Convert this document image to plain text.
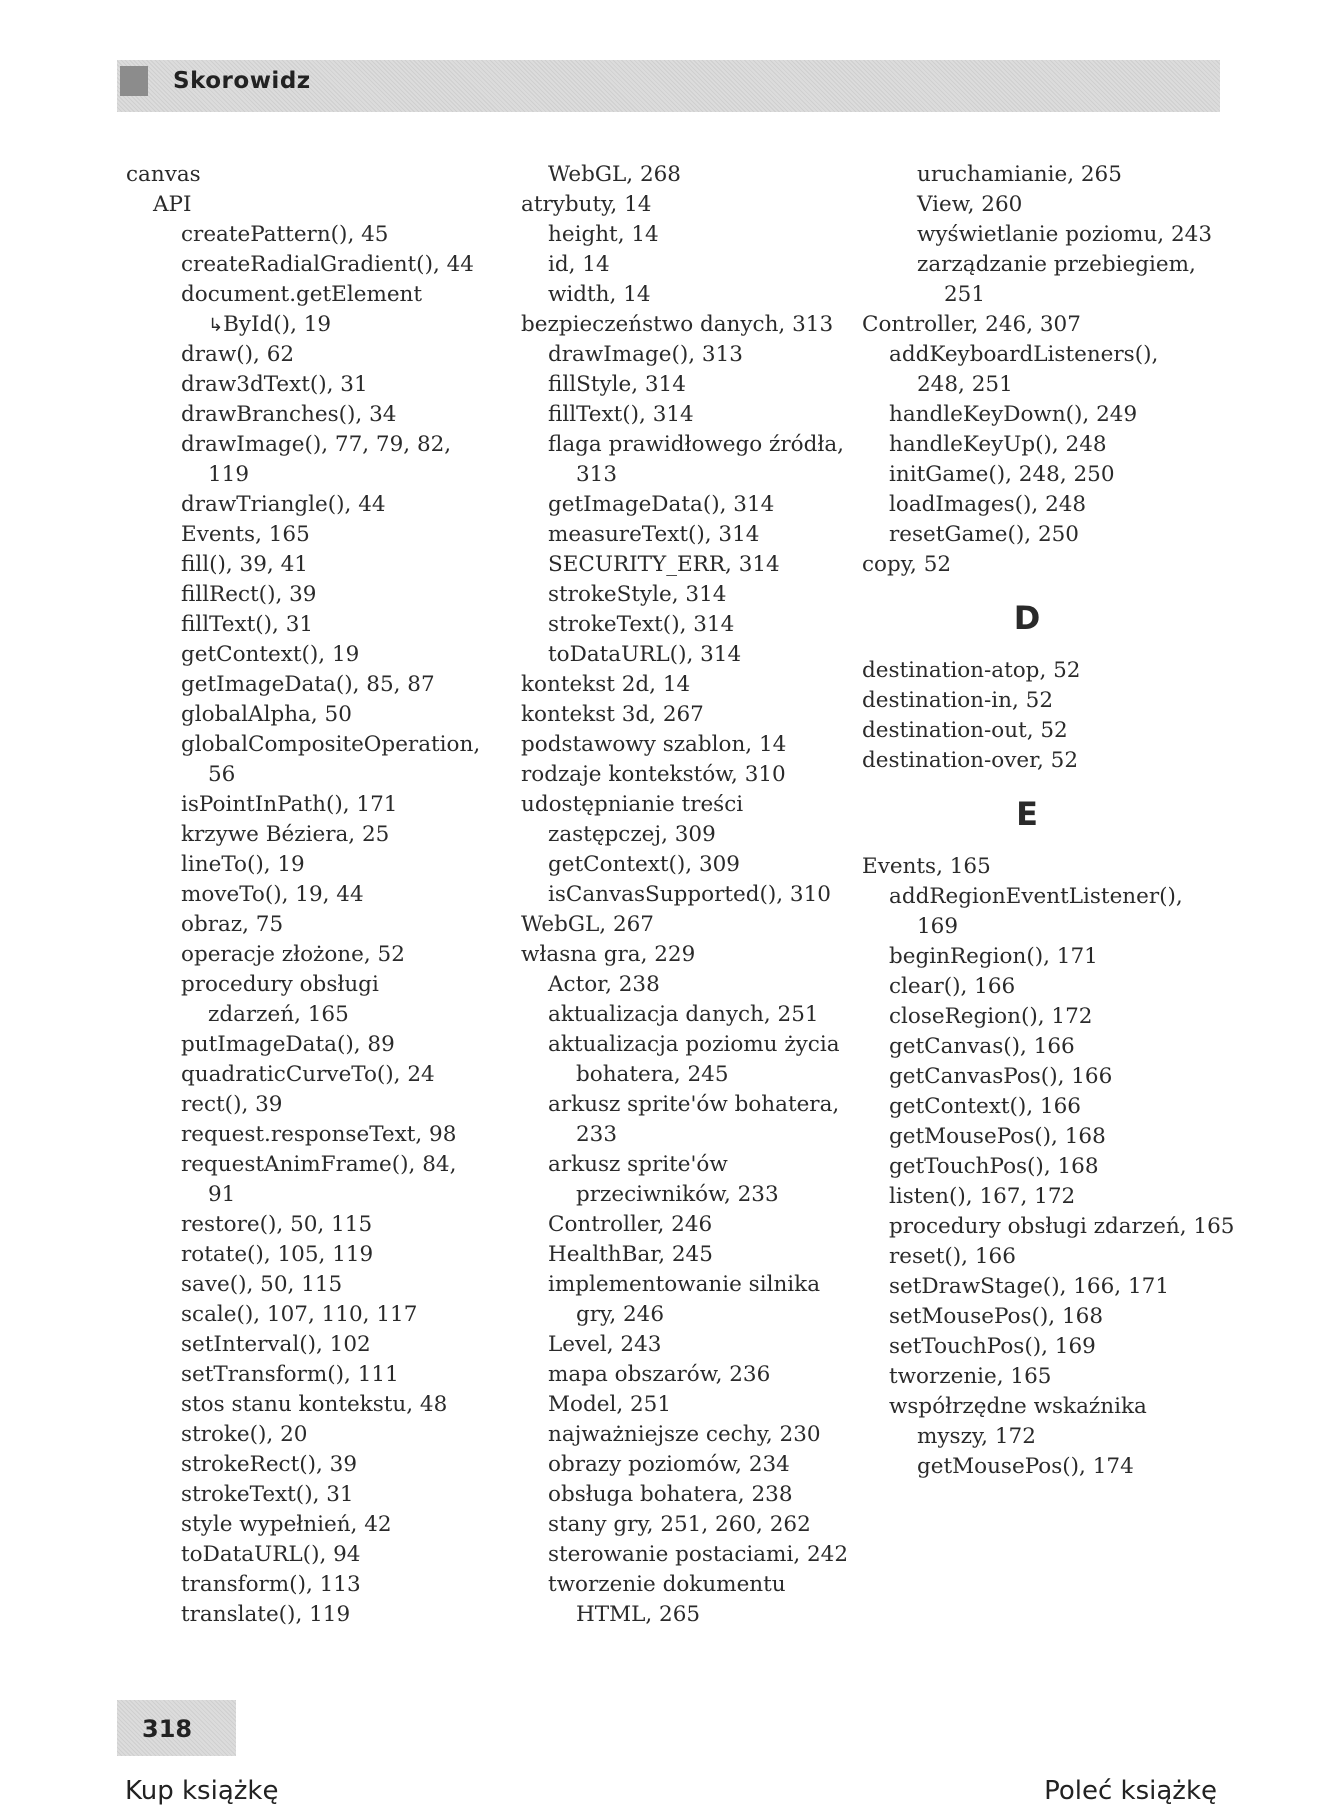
Skorowidz
canvas
API
createPattern(), 45
createRadialGradient(), 44
document.getElement
↳ById(), 19
draw(), 62
draw3dText(), 31
drawBranches(), 34
drawImage(), 77, 79, 82,
119
drawTriangle(), 44
Events, 165
fill(), 39, 41
fillRect(), 39
fillText(), 31
getContext(), 19
getImageData(), 85, 87
globalAlpha, 50
globalCompositeOperation,
56
isPointInPath(), 171
krzywe Béziera, 25
lineTo(), 19
moveTo(), 19, 44
obraz, 75
operacje złożone, 52
procedury obsługi
zdarzeń, 165
putImageData(), 89
quadraticCurveTo(), 24
rect(), 39
request.responseText, 98
requestAnimFrame(), 84,
91
restore(), 50, 115
rotate(), 105, 119
save(), 50, 115
scale(), 107, 110, 117
setInterval(), 102
setTransform(), 111
stos stanu kontekstu, 48
stroke(), 20
strokeRect(), 39
strokeText(), 31
style wypełnień, 42
toDataURL(), 94
transform(), 113
translate(), 119
WebGL, 268
atrybuty, 14
height, 14
id, 14
width, 14
bezpieczeństwo danych, 313
drawImage(), 313
fillStyle, 314
fillText(), 314
flaga prawidłowego źródła,
313
getImageData(), 314
measureText(), 314
SECURITY_ERR, 314
strokeStyle, 314
strokeText(), 314
toDataURL(), 314
kontekst 2d, 14
kontekst 3d, 267
podstawowy szablon, 14
rodzaje kontekstów, 310
udostępnianie treści
zastępczej, 309
getContext(), 309
isCanvasSupported(), 310
WebGL, 267
własna gra, 229
Actor, 238
aktualizacja danych, 251
aktualizacja poziomu życia
bohatera, 245
arkusz sprite'ów bohatera,
233
arkusz sprite'ów
przeciwników, 233
Controller, 246
HealthBar, 245
implementowanie silnika
gry, 246
Level, 243
mapa obszarów, 236
Model, 251
najważniejsze cechy, 230
obrazy poziomów, 234
obsługa bohatera, 238
stany gry, 251, 260, 262
sterowanie postaciami, 242
tworzenie dokumentu
HTML, 265
uruchamianie, 265
View, 260
wyświetlanie poziomu, 243
zarządzanie przebiegiem,
251
Controller, 246, 307
addKeyboardListeners(),
248, 251
handleKeyDown(), 249
handleKeyUp(), 248
initGame(), 248, 250
loadImages(), 248
resetGame(), 250
copy, 52
D
destination-atop, 52
destination-in, 52
destination-out, 52
destination-over, 52
E
Events, 165
addRegionEventListener(),
169
beginRegion(), 171
clear(), 166
closeRegion(), 172
getCanvas(), 166
getCanvasPos(), 166
getContext(), 166
getMousePos(), 168
getTouchPos(), 168
listen(), 167, 172
procedury obsługi zdarzeń, 165
reset(), 166
setDrawStage(), 166, 171
setMousePos(), 168
setTouchPos(), 169
tworzenie, 165
współrzędne wskaźnika
myszy, 172
getMousePos(), 174
318
Kup książkę	Poleć książkę
